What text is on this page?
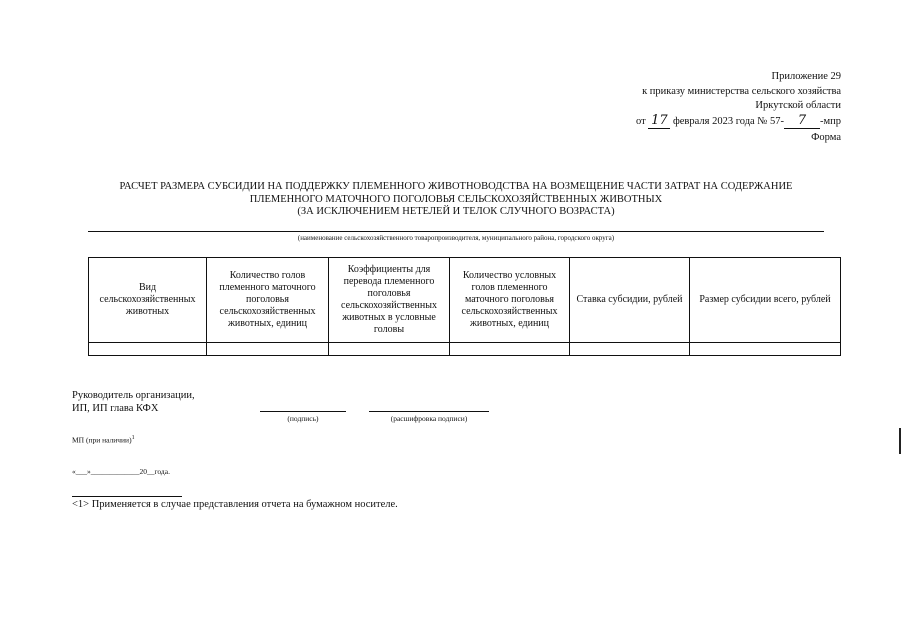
Приложение 29
к приказу министерства сельского хозяйства
Иркутской области
от 17 февраля 2023 года № 57- 7 -мпр
Форма
РАСЧЕТ РАЗМЕРА СУБСИДИИ НА ПОДДЕРЖКУ ПЛЕМЕННОГО ЖИВОТНОВОДСТВА НА ВОЗМЕЩЕНИЕ ЧАСТИ ЗАТРАТ НА СОДЕРЖАНИЕ
ПЛЕМЕННОГО МАТОЧНОГО ПОГОЛОВЬЯ СЕЛЬСКОХОЗЯЙСТВЕННЫХ ЖИВОТНЫХ
(ЗА ИСКЛЮЧЕНИЕМ НЕТЕЛЕЙ И ТЕЛОК СЛУЧНОГО ВОЗРАСТА)
(наименование сельскохозяйственного товаропроизводителя, муниципального района, городского округа)
Вид сельскохозяйственных животных	Количество голов племенного маточного поголовья сельскохозяйственных животных, единиц	Коэффициенты для перевода племенного поголовья сельскохозяйственных животных в условные головы	Количество условных голов племенного маточного поголовья сельскохозяйственных животных, единиц	Ставка субсидии, рублей	Размер субсидии всего, рублей

Руководитель организации,
ИП, ИП глава КФХ
(подпись)	(расшифровка подписи)
МП (при наличии)$^1$
«___»_____________20__года.
<1> Применяется в случае представления отчета на бумажном носителе.
